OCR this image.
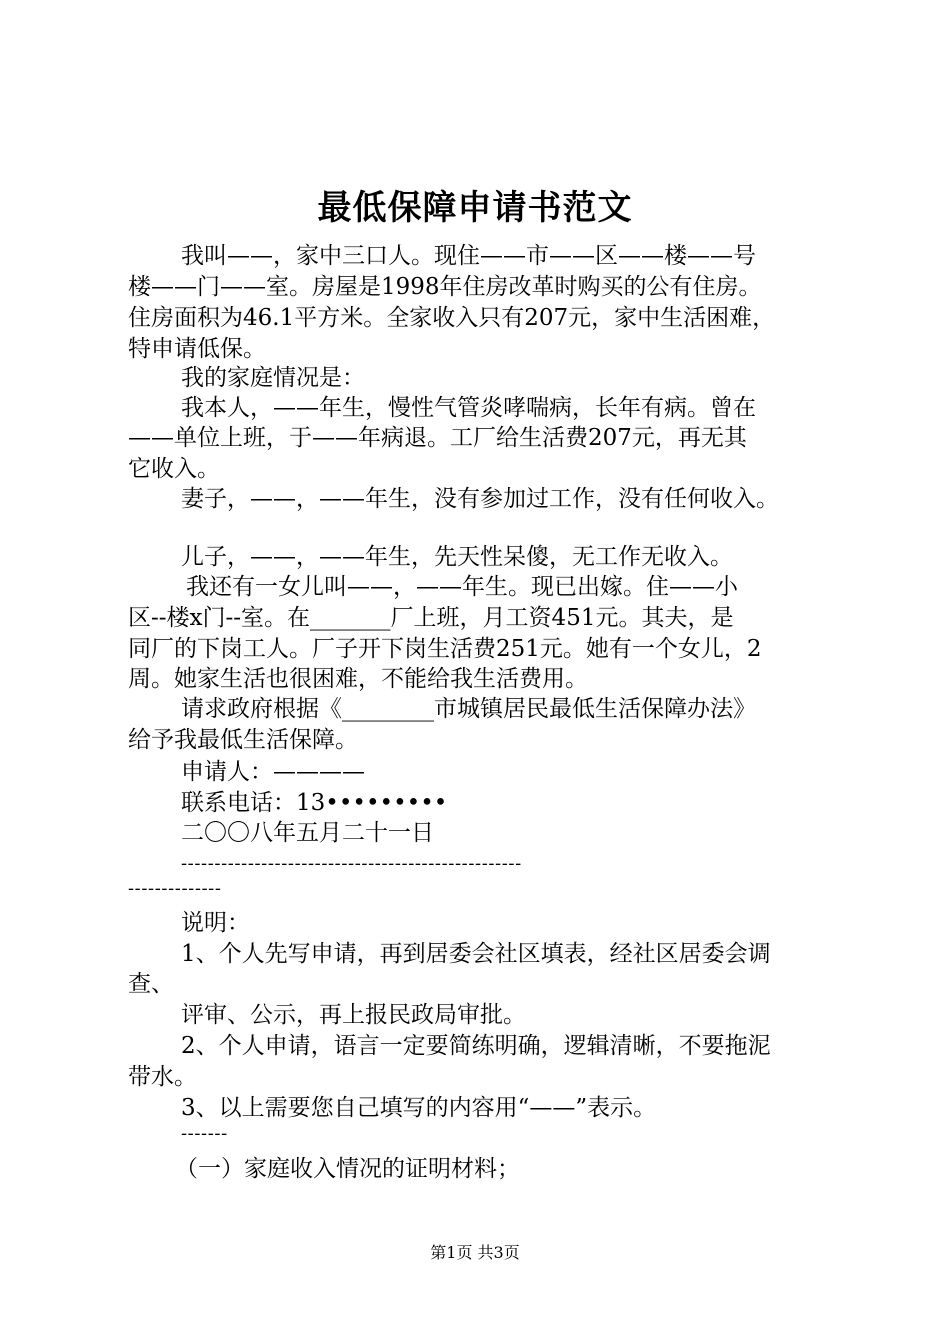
最低保障申请书范文
我叫——，家中三口人。现住——市——区——楼——号
楼——门——室。房屋是1998年住房改革时购买的公有住房。
住房面积为46.1平方米。全家收入只有207元，家中生活困难，
特申请低保。
我的家庭情况是：
我本人，——年生，慢性气管炎哮喘病，长年有病。曾在
——单位上班，于——年病退。工厂给生活费207元，再无其
它收入。
妻子，——，——年生，没有参加过工作，没有任何收入。
儿子，——，——年生，先天性呆傻，无工作无收入。
我还有一女儿叫——，——年生。现已出嫁。住——小
区--楼x门--室。在_______厂上班，月工资451元。其夫，是
同厂的下岗工人。厂子开下岗生活费251元。她有一个女儿，2
周。她家生活也很困难，不能给我生活费用。
请求政府根据《________市城镇居民最低生活保障办法》
给予我最低生活保障。
申请人：————
联系电话：13•••••••••
二〇〇八年五月二十一日
---------------------------------------------------
--------------
说明：
1、个人先写申请，再到居委会社区填表，经社区居委会调
查、
评审、公示，再上报民政局审批。
2、个人申请，语言一定要简练明确，逻辑清晰，不要拖泥
带水。
3、以上需要您自己填写的内容用“——”表示。
-------
（一）家庭收入情况的证明材料；
第1页 共3页
